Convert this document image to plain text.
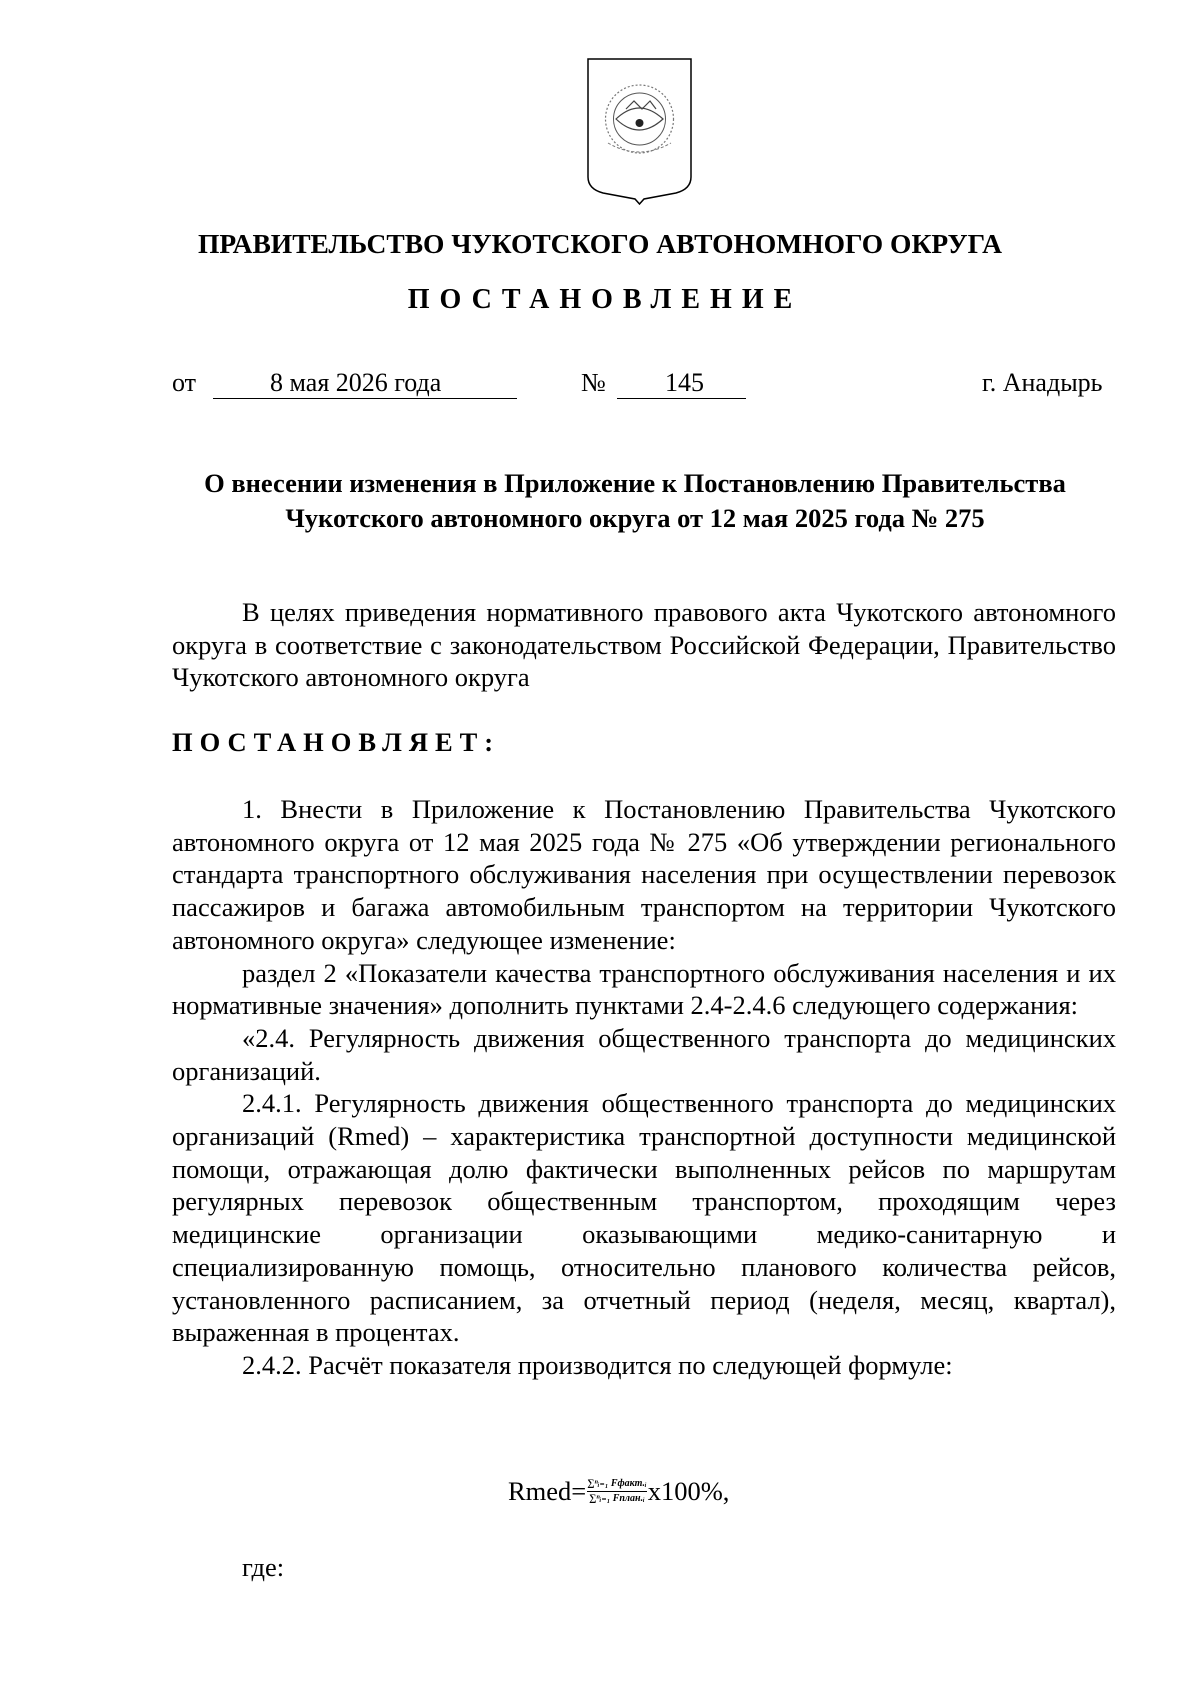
ПРАВИТЕЛЬСТВО ЧУКОТСКОГО АВТОНОМНОГО ОКРУГА
ПОСТАНОВЛЕНИЕ
от	8 мая 2026 года	№ 145	г. Анадырь
О внесении изменения в Приложение к Постановлению Правительства
Чукотского автономного округа от 12 мая 2025 года № 275

В целях приведения нормативного правового акта Чукотского автономного округа в соответствие с законодательством Российской Федерации, Правительство Чукотского автономного округа

ПОСТАНОВЛЯЕТ:

1. Внести в Приложение к Постановлению Правительства Чукотского автономного округа от 12 мая 2025 года № 275 «Об утверждении регионального стандарта транспортного обслуживания населения при осуществлении перевозок пассажиров и багажа автомобильным транспортом на территории Чукотского автономного округа» следующее изменение:

раздел 2 «Показатели качества транспортного обслуживания населения и их нормативные значения» дополнить пунктами 2.4-2.4.6 следующего содержания:

«2.4. Регулярность движения общественного транспорта до медицинских организаций.

2.4.1. Регулярность движения общественного транспорта до медицинских организаций (Rmed) – характеристика транспортной доступности медицинской помощи, отражающая долю фактически выполненных рейсов по маршрутам регулярных перевозок общественным транспортом, проходящим через медицинские организации оказывающими медико-санитарную и специализированную помощь, относительно планового количества рейсов, установленного расписанием, за отчетный период (неделя, месяц, квартал), выраженная в процентах.

2.4.2. Расчёт показателя производится по следующей формуле:

Rmed= $\frac{\text{∑ⁿᵢ₌₁ Fфакт.ᵢ}}{\text{∑ⁿᵢ₌₁ Fплан.ᵢ}} x100\%$,
где:
